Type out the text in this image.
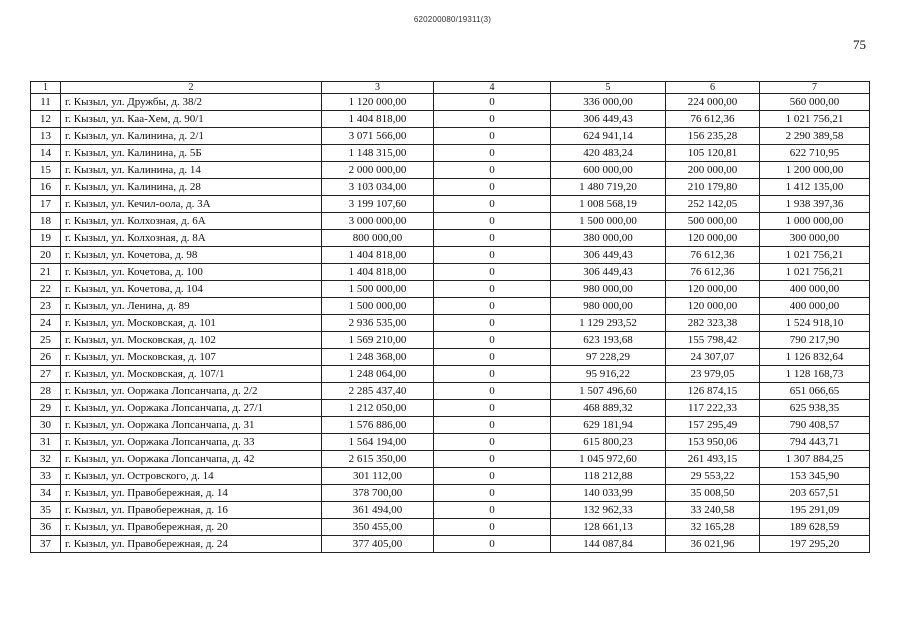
620200080/19311(3)
75
1	2	3	4	5	6	7
11	г. Кызыл, ул. Дружбы, д. 38/2	1 120 000,00	0	336 000,00	224 000,00	560 000,00
12	г. Кызыл, ул. Каа-Хем, д. 90/1	1 404 818,00	0	306 449,43	76 612,36	1 021 756,21
13	г. Кызыл, ул. Калинина, д. 2/1	3 071 566,00	0	624 941,14	156 235,28	2 290 389,58
14	г. Кызыл, ул. Калинина, д. 5Б	1 148 315,00	0	420 483,24	105 120,81	622 710,95
15	г. Кызыл, ул. Калинина, д. 14	2 000 000,00	0	600 000,00	200 000,00	1 200 000,00
16	г. Кызыл, ул. Калинина, д. 28	3 103 034,00	0	1 480 719,20	210 179,80	1 412 135,00
17	г. Кызыл, ул. Кечил-оола, д. 3А	3 199 107,60	0	1 008 568,19	252 142,05	1 938 397,36
18	г. Кызыл, ул. Колхозная, д. 6А	3 000 000,00	0	1 500 000,00	500 000,00	1 000 000,00
19	г. Кызыл, ул. Колхозная, д. 8А	800 000,00	0	380 000,00	120 000,00	300 000,00
20	г. Кызыл, ул. Кочетова, д. 98	1 404 818,00	0	306 449,43	76 612,36	1 021 756,21
21	г. Кызыл, ул. Кочетова, д. 100	1 404 818,00	0	306 449,43	76 612,36	1 021 756,21
22	г. Кызыл, ул. Кочетова, д. 104	1 500 000,00	0	980 000,00	120 000,00	400 000,00
23	г. Кызыл, ул. Ленина, д. 89	1 500 000,00	0	980 000,00	120 000,00	400 000,00
24	г. Кызыл, ул. Московская, д. 101	2 936 535,00	0	1 129 293,52	282 323,38	1 524 918,10
25	г. Кызыл, ул. Московская, д. 102	1 569 210,00	0	623 193,68	155 798,42	790 217,90
26	г. Кызыл, ул. Московская, д. 107	1 248 368,00	0	97 228,29	24 307,07	1 126 832,64
27	г. Кызыл, ул. Московская, д. 107/1	1 248 064,00	0	95 916,22	23 979,05	1 128 168,73
28	г. Кызыл, ул. Ооржака Лопсанчапа, д. 2/2	2 285 437,40	0	1 507 496,60	126 874,15	651 066,65
29	г. Кызыл, ул. Ооржака Лопсанчапа, д. 27/1	1 212 050,00	0	468 889,32	117 222,33	625 938,35
30	г. Кызыл, ул. Ооржака Лопсанчапа, д. 31	1 576 886,00	0	629 181,94	157 295,49	790 408,57
31	г. Кызыл, ул. Ооржака Лопсанчапа, д. 33	1 564 194,00	0	615 800,23	153 950,06	794 443,71
32	г. Кызыл, ул. Ооржака Лопсанчапа, д. 42	2 615 350,00	0	1 045 972,60	261 493,15	1 307 884,25
33	г. Кызыл, ул. Островского, д. 14	301 112,00	0	118 212,88	29 553,22	153 345,90
34	г. Кызыл, ул. Правобережная, д. 14	378 700,00	0	140 033,99	35 008,50	203 657,51
35	г. Кызыл, ул. Правобережная, д. 16	361 494,00	0	132 962,33	33 240,58	195 291,09
36	г. Кызыл, ул. Правобережная, д. 20	350 455,00	0	128 661,13	32 165,28	189 628,59
37	г. Кызыл, ул. Правобережная, д. 24	377 405,00	0	144 087,84	36 021,96	197 295,20
